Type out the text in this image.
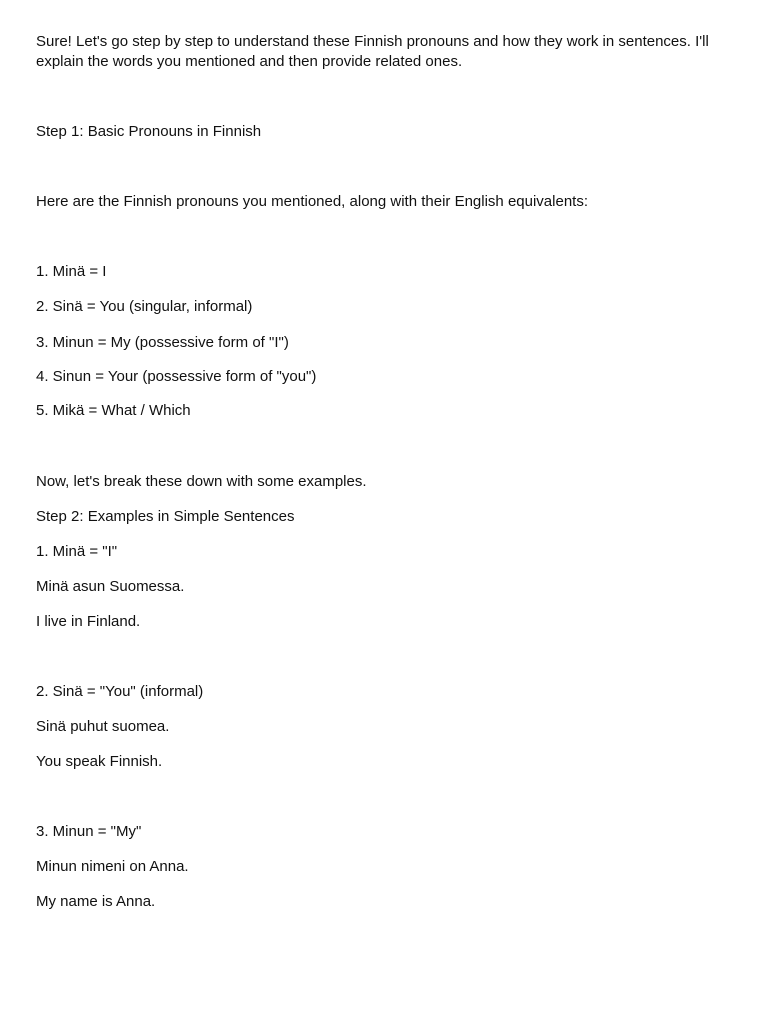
Sure! Let's go step by step to understand these Finnish pronouns and how they work in sentences. I'll explain the words you mentioned and then provide related ones.

Step 1: Basic Pronouns in Finnish

Here are the Finnish pronouns you mentioned, along with their English equivalents:

1. Minä = I

2. Sinä = You (singular, informal)

3. Minun = My (possessive form of "I")

4. Sinun = Your (possessive form of "you")

5. Mikä = What / Which

Now, let's break these down with some examples.

Step 2: Examples in Simple Sentences

1. Minä = "I"

Minä asun Suomessa.

I live in Finland.

2. Sinä = "You" (informal)

Sinä puhut suomea.

You speak Finnish.

3. Minun = "My"

Minun nimeni on Anna.

My name is Anna.
